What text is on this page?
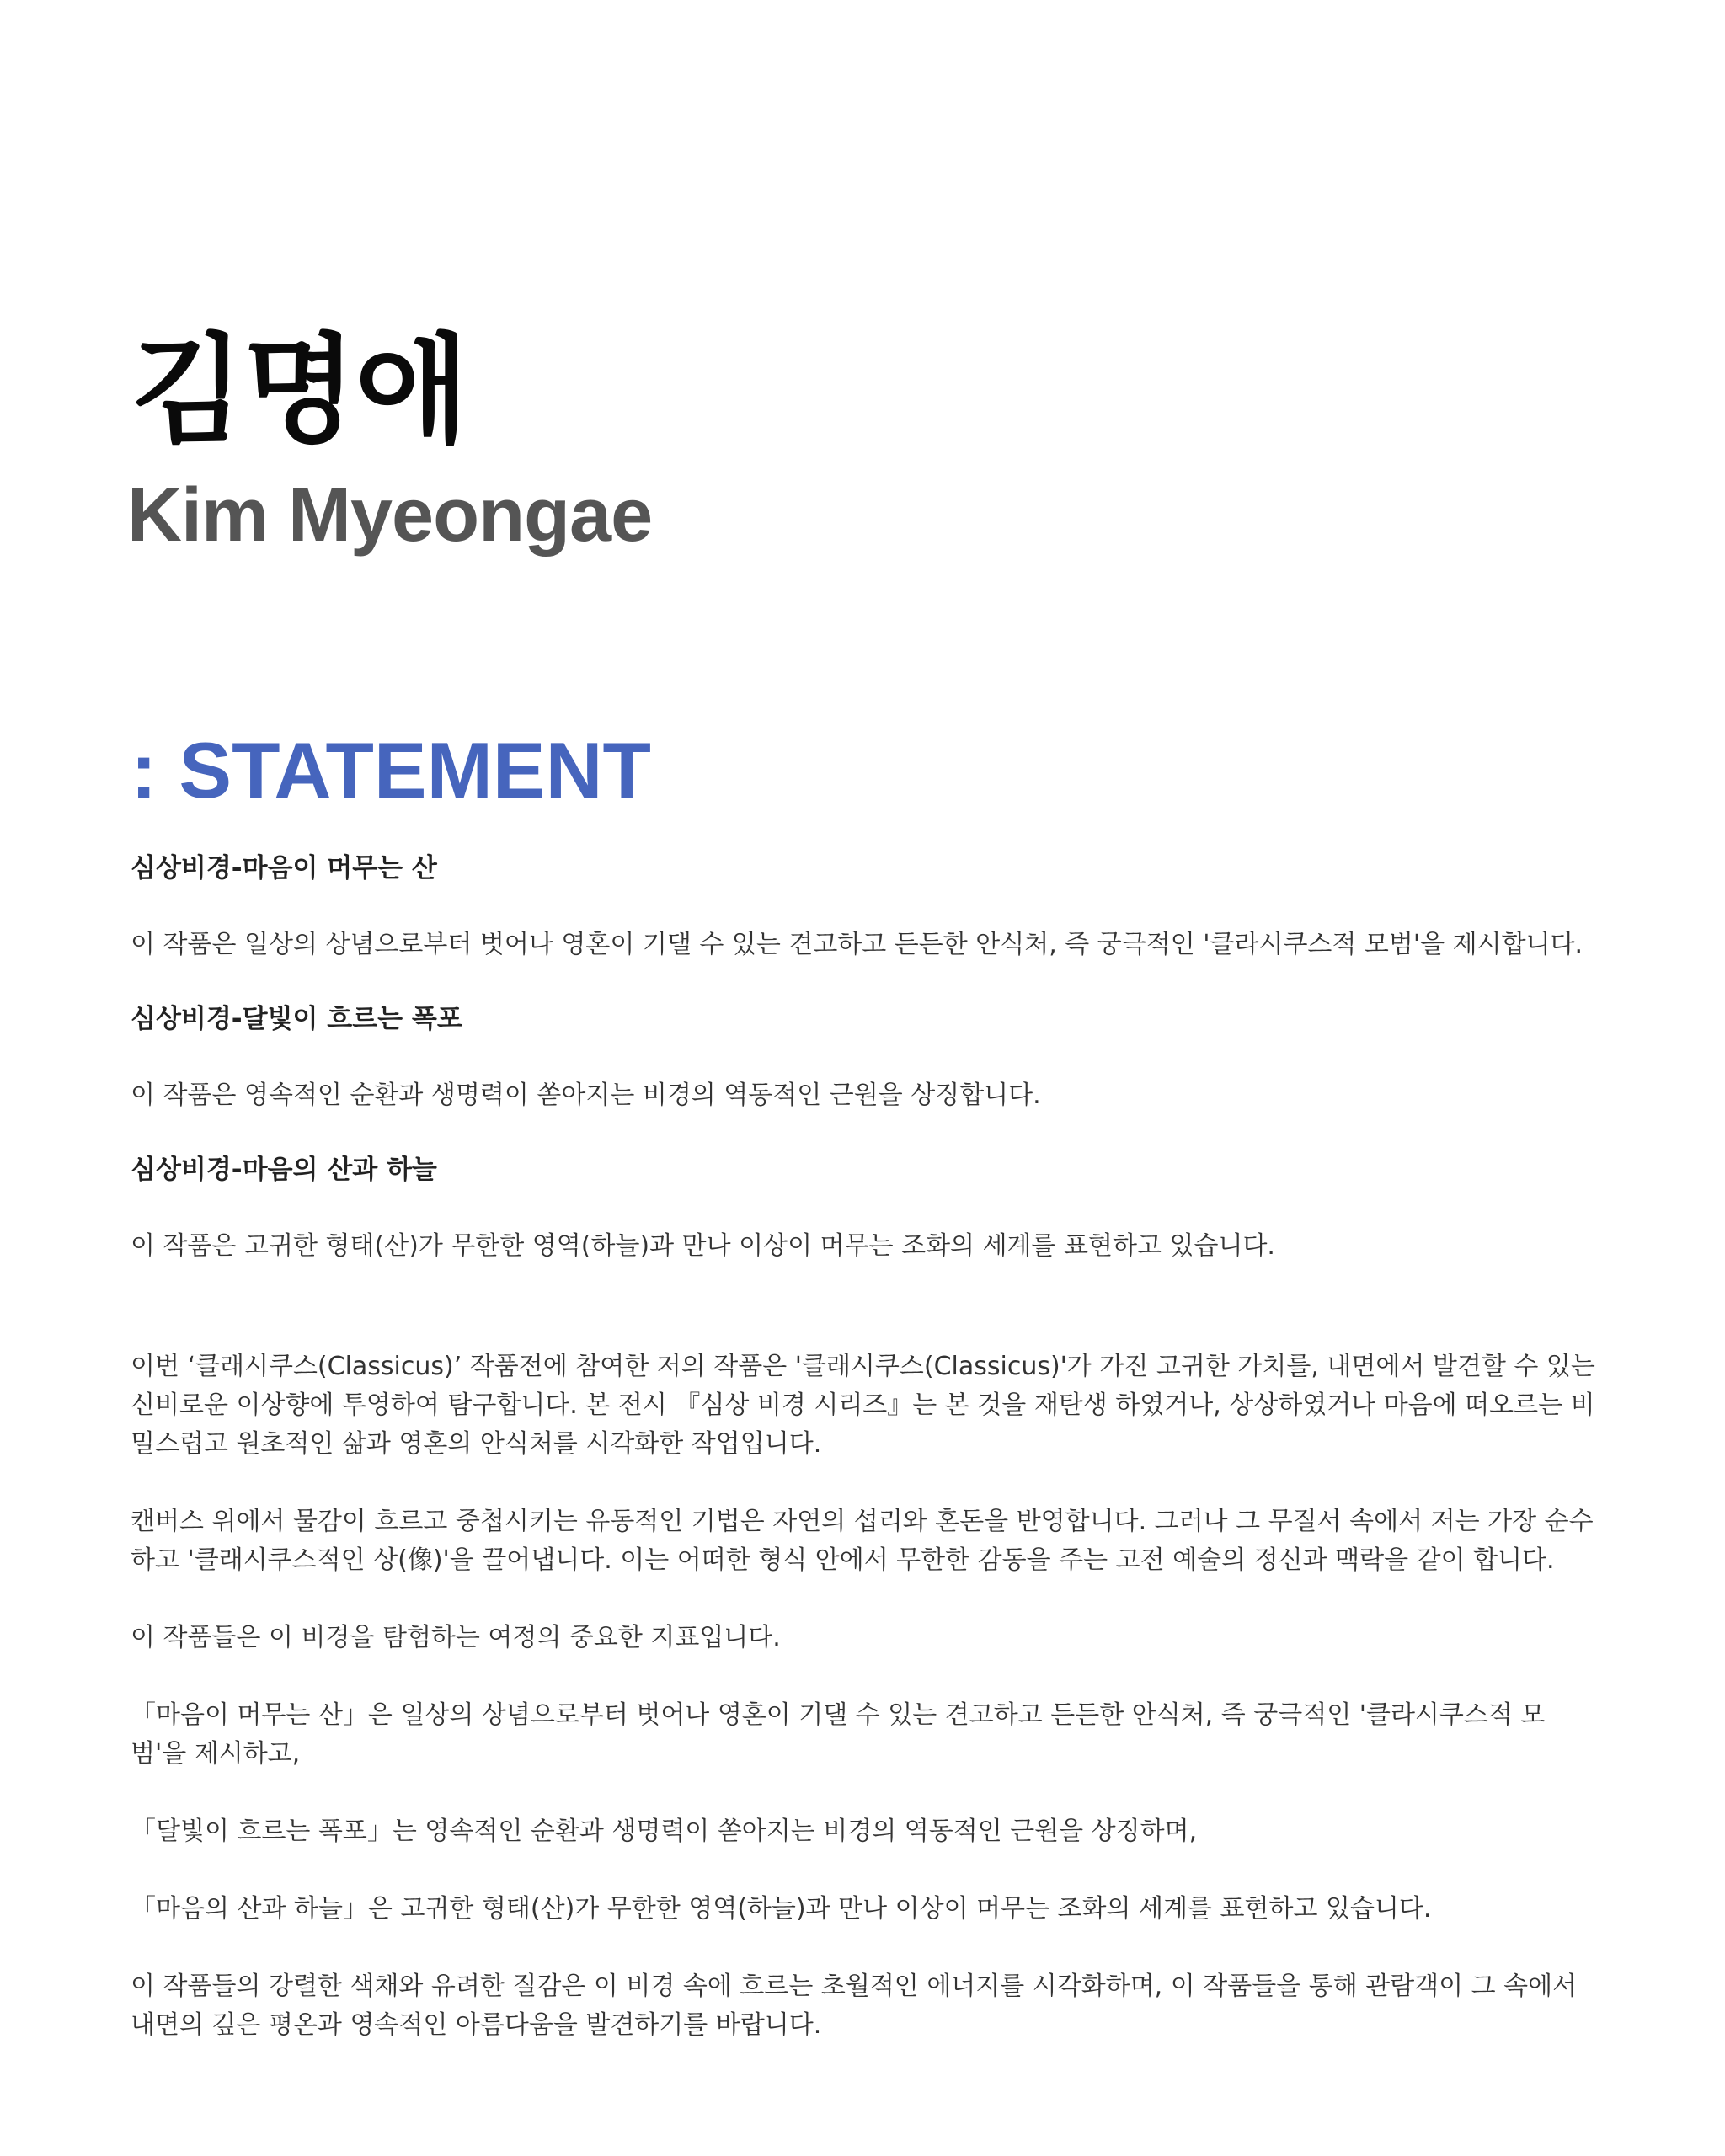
김명애
Kim Myeongae
: STATEMENT

심상비경-마음이 머무는 산

이 작품은 일상의 상념으로부터 벗어나 영혼이 기댈 수 있는 견고하고 든든한 안식처, 즉 궁극적인 '클라시쿠스적 모범'을 제시합니다.

심상비경-달빛이 흐르는 폭포

이 작품은 영속적인 순환과 생명력이 쏟아지는 비경의 역동적인 근원을 상징합니다.

심상비경-마음의 산과 하늘

이 작품은 고귀한 형태(산)가 무한한 영역(하늘)과 만나 이상이 머무는 조화의 세계를 표현하고 있습니다.

이번 ‘클래시쿠스(Classicus)’ 작품전에 참여한 저의 작품은 '클래시쿠스(Classicus)'가 가진 고귀한 가치를, 내면에서 발견할 수 있는 신비로운 이상향에 투영하여 탐구합니다. 본 전시 『심상 비경 시리즈』는 본 것을 재탄생 하였거나, 상상하였거나 마음에 떠오르는 비밀스럽고 원초적인 삶과 영혼의 안식처를 시각화한 작업입니다.

캔버스 위에서 물감이 흐르고 중첩시키는 유동적인 기법은 자연의 섭리와 혼돈을 반영합니다. 그러나 그 무질서 속에서 저는 가장 순수하고 '클래시쿠스적인 상(像)'을 끌어냅니다. 이는 어떠한 형식 안에서 무한한 감동을 주는 고전 예술의 정신과 맥락을 같이 합니다.

이 작품들은 이 비경을 탐험하는 여정의 중요한 지표입니다.

「마음이 머무는 산」은 일상의 상념으로부터 벗어나 영혼이 기댈 수 있는 견고하고 든든한 안식처, 즉 궁극적인 '클라시쿠스적 모범'을 제시하고,

「달빛이 흐르는 폭포」는 영속적인 순환과 생명력이 쏟아지는 비경의 역동적인 근원을 상징하며,

「마음의 산과 하늘」은 고귀한 형태(산)가 무한한 영역(하늘)과 만나 이상이 머무는 조화의 세계를 표현하고 있습니다.

이 작품들의 강렬한 색채와 유려한 질감은 이 비경 속에 흐르는 초월적인 에너지를 시각화하며, 이 작품들을 통해 관람객이 그 속에서 내면의 깊은 평온과 영속적인 아름다움을 발견하기를 바랍니다.
